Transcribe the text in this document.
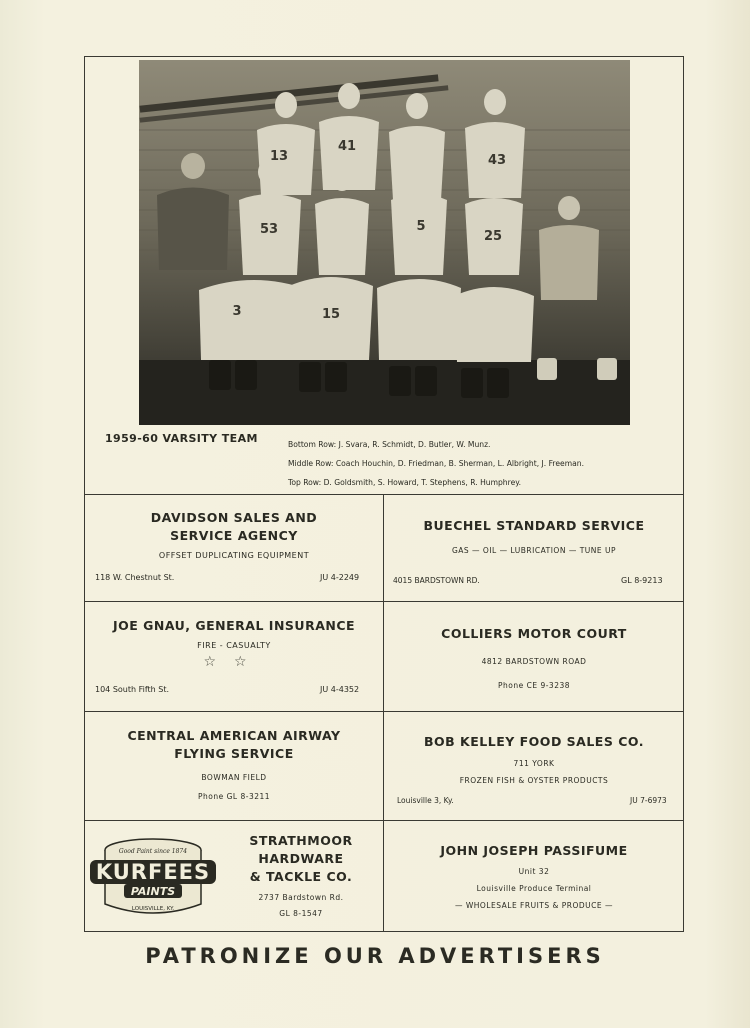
13
41
43
53	5
25
3	15
1959-60 VARSITY TEAM	Bottom Row: J. Svara, R. Schmidt, D. Butler, W. Munz.
Middle Row: Coach Houchin, D. Friedman, B. Sherman, L. Albright, J. Freeman.
Top Row: D. Goldsmith, S. Howard, T. Stephens, R. Humphrey.
DAVIDSON SALES AND
SERVICE AGENCY
OFFSET DUPLICATING EQUIPMENT
118 W. Chestnut St.	JU 4-2249
BUECHEL STANDARD SERVICE
GAS — OIL — LUBRICATION — TUNE UP
4015 BARDSTOWN RD.	GL 8-9213
JOE GNAU, GENERAL INSURANCE
FIRE - CASUALTY
☆☆
104 South Fifth St.	JU 4-4352
COLLIERS MOTOR COURT
4812 BARDSTOWN ROAD
Phone CE 9-3238
CENTRAL AMERICAN AIRWAY
FLYING SERVICE
BOWMAN FIELD
Phone GL 8-3211
BOB KELLEY FOOD SALES CO.
711 YORK
FROZEN FISH & OYSTER PRODUCTS
Louisville 3, Ky.	JU 7-6973
Good Paint since 1874
KURFEES
PAINTS
LOUISVILLE, KY.
STRATHMOOR
HARDWARE
& TACKLE CO.
2737 Bardstown Rd.
GL 8-1547
JOHN JOSEPH PASSIFUME
Unit 32
Louisville Produce Terminal
— WHOLESALE FRUITS & PRODUCE —
PATRONIZE OUR ADVERTISERS
